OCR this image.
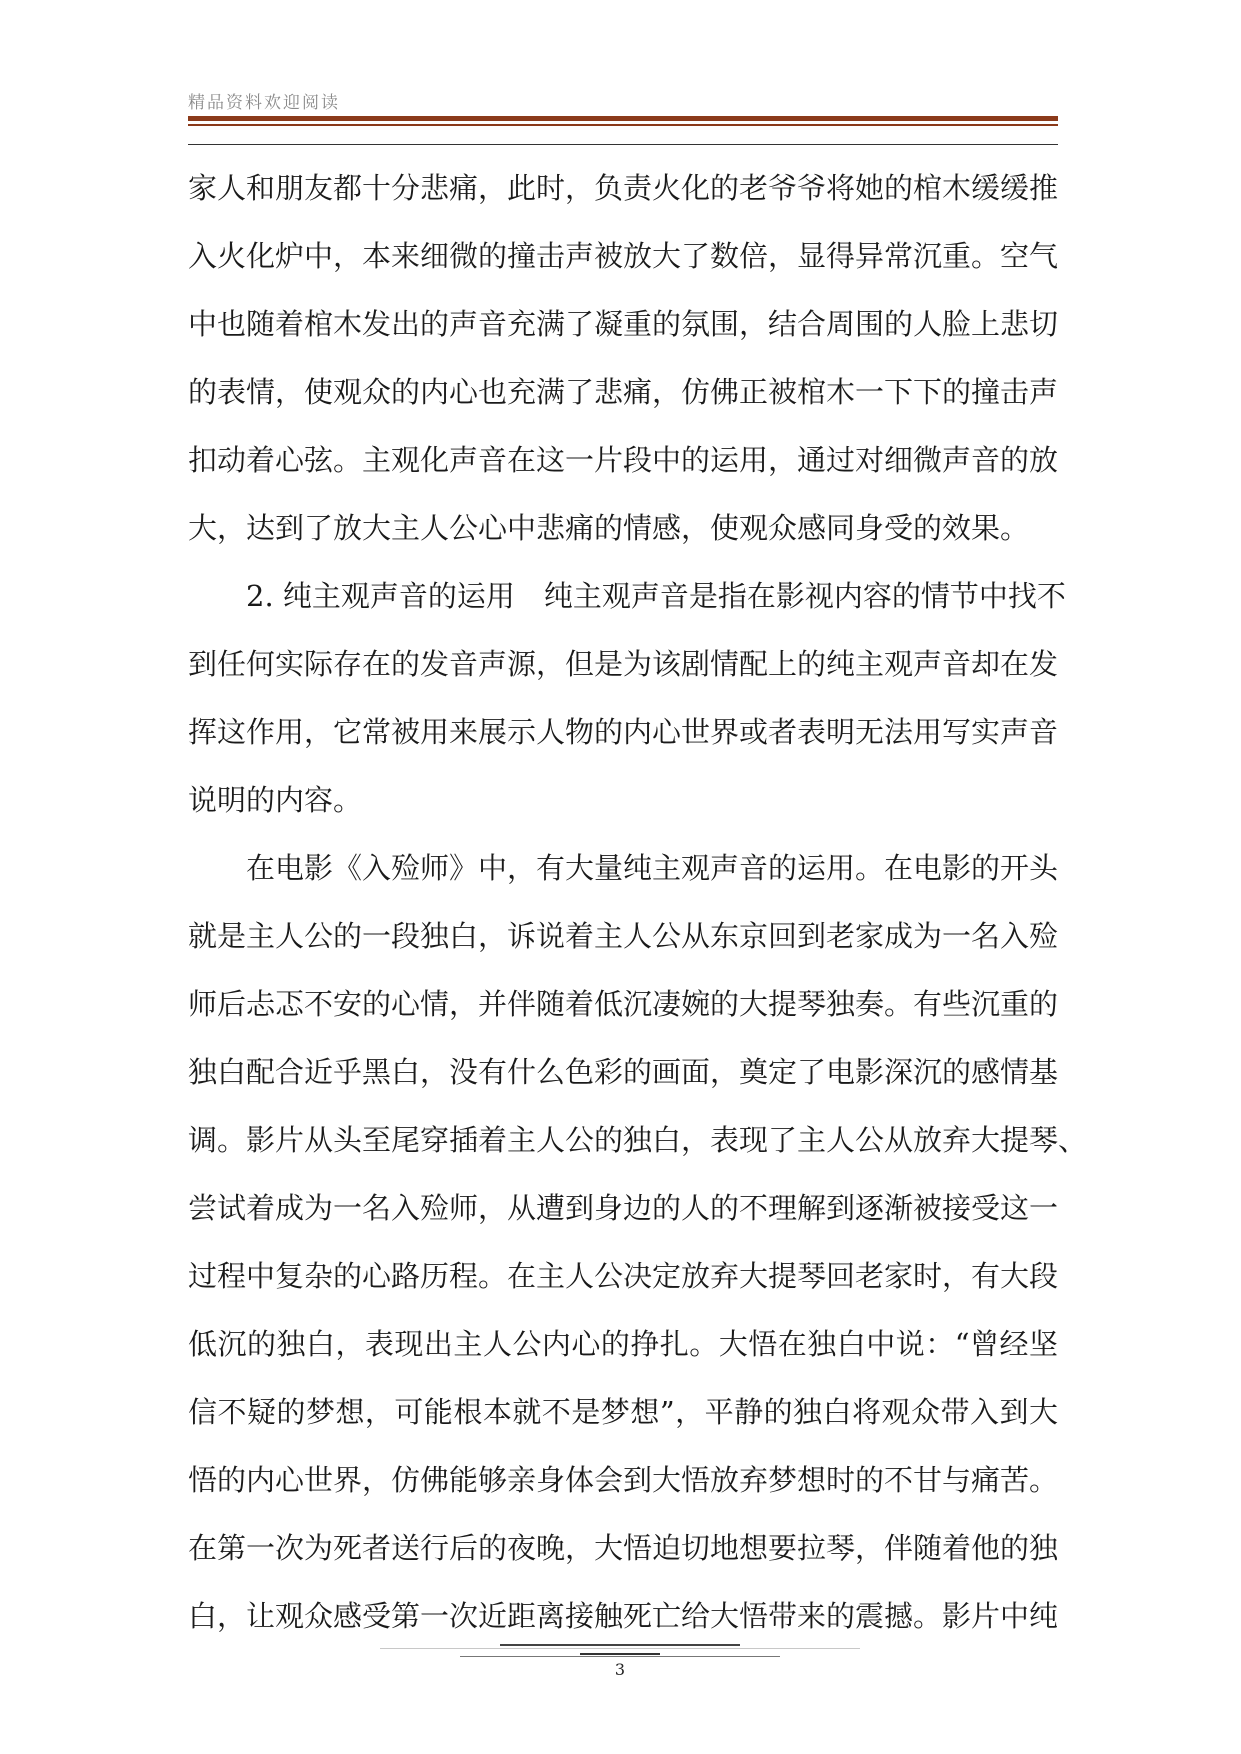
精品资料欢迎阅读
家人和朋友都十分悲痛，此时，负责火化的老爷爷将她的棺木缓缓推
入火化炉中，本来细微的撞击声被放大了数倍，显得异常沉重。空气
中也随着棺木发出的声音充满了凝重的氛围，结合周围的人脸上悲切
的表情，使观众的内心也充满了悲痛，仿佛正被棺木一下下的撞击声
扣动着心弦。主观化声音在这一片段中的运用，通过对细微声音的放
大，达到了放大主人公心中悲痛的情感，使观众感同身受的效果。
2. 纯主观声音的运用　纯主观声音是指在影视内容的情节中找不
到任何实际存在的发音声源，但是为该剧情配上的纯主观声音却在发
挥这作用，它常被用来展示人物的内心世界或者表明无法用写实声音
说明的内容。
在电影《入殓师》中，有大量纯主观声音的运用。在电影的开头
就是主人公的一段独白，诉说着主人公从东京回到老家成为一名入殓
师后忐忑不安的心情，并伴随着低沉凄婉的大提琴独奏。有些沉重的
独白配合近乎黑白，没有什么色彩的画面，奠定了电影深沉的感情基
调。影片从头至尾穿插着主人公的独白，表现了主人公从放弃大提琴、
尝试着成为一名入殓师，从遭到身边的人的不理解到逐渐被接受这一
过程中复杂的心路历程。在主人公决定放弃大提琴回老家时，有大段
低沉的独白，表现出主人公内心的挣扎。大悟在独白中说：“曾经坚
信不疑的梦想，可能根本就不是梦想”，平静的独白将观众带入到大
悟的内心世界，仿佛能够亲身体会到大悟放弃梦想时的不甘与痛苦。
在第一次为死者送行后的夜晚，大悟迫切地想要拉琴，伴随着他的独
白，让观众感受第一次近距离接触死亡给大悟带来的震撼。影片中纯
3
